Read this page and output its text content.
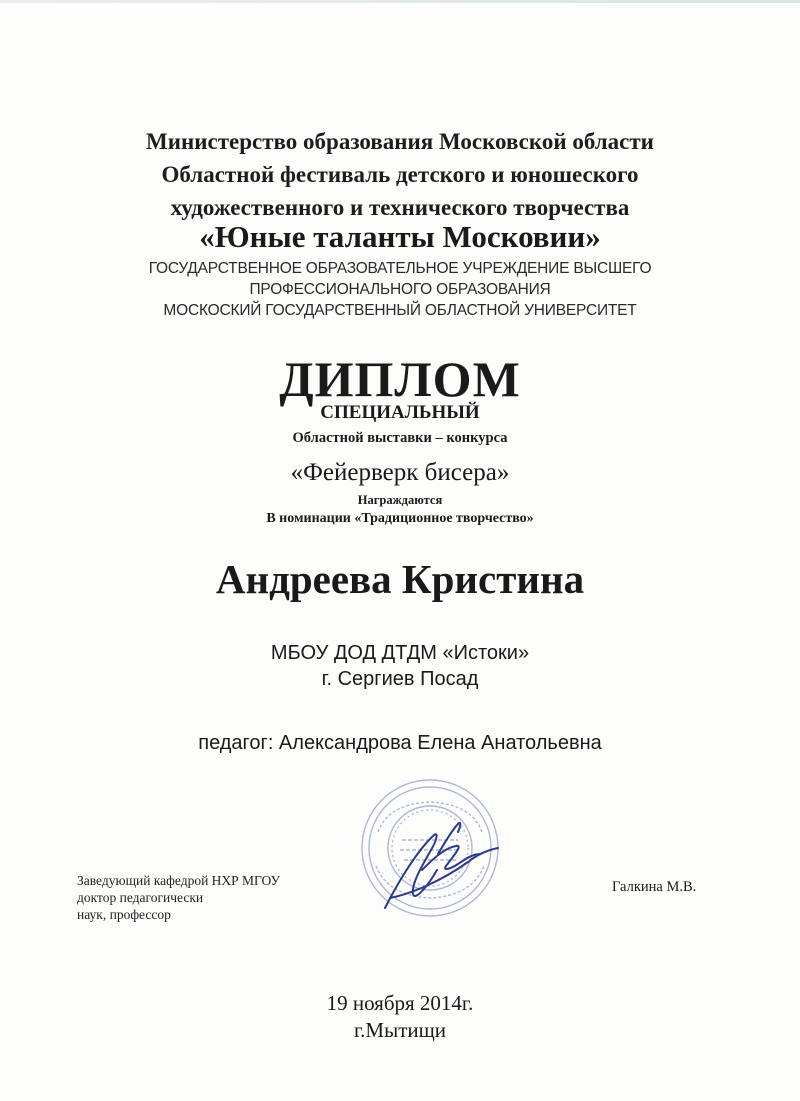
Министерство образования Московской области
Областной фестиваль детского и юношеского
художественного и технического творчества
«Юные таланты Московии»
ГОСУДАРСТВЕННОЕ ОБРАЗОВАТЕЛЬНОЕ УЧРЕЖДЕНИЕ ВЫСШЕГО
ПРОФЕССИОНАЛЬНОГО ОБРАЗОВАНИЯ
МОСКОСКИЙ ГОСУДАРСТВЕННЫЙ ОБЛАСТНОЙ УНИВЕРСИТЕТ
ДИПЛОМ
СПЕЦИАЛЬНЫЙ
Областной выставки – конкурса
«Фейерверк бисера»
Награждаются
В номинации «Традиционное творчество»
Андреева Кристина
МБОУ ДОД ДТДМ «Истоки»
г. Сергиев Посад
педагог: Александрова Елена Анатольевна
Заведующий кафедрой НХР МГОУ
доктор педагогически
наук, профессор
Галкина М.В.
19 ноября 2014г.
г.Мытищи
